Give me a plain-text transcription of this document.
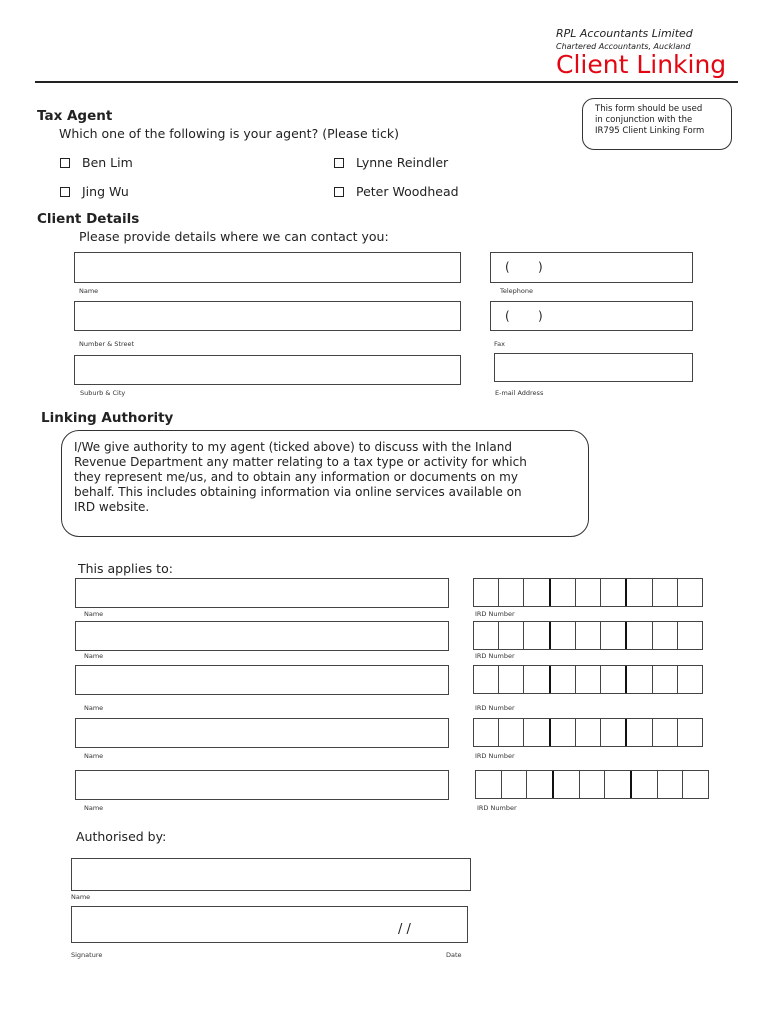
RPL Accountants Limited
Chartered Accountants, Auckland
Client Linking
This form should be used
in conjunction with the
IR795 Client Linking Form
Tax Agent
Which one of the following is your agent? (Please tick)
Ben Lim	Lynne Reindler
Jing Wu	Peter Woodhead
Client Details
Please provide details where we can contact you:
Name
( )
Telephone
Number & Street
( )
Fax
Suburb & City	E-mail Address
Linking Authority

I/We give authority to my agent (ticked above) to discuss with the Inland

Revenue Department any matter relating to a tax type or activity for which

they represent me/us, and to obtain any information or documents on my

behalf. This includes obtaining information via online services available on

IRD website.

This applies to:
Name	IRD Number
Name	IRD Number
Name	IRD Number
Name	IRD Number
Name	IRD Number
Authorised by:
Name
/ /
Signature	Date
